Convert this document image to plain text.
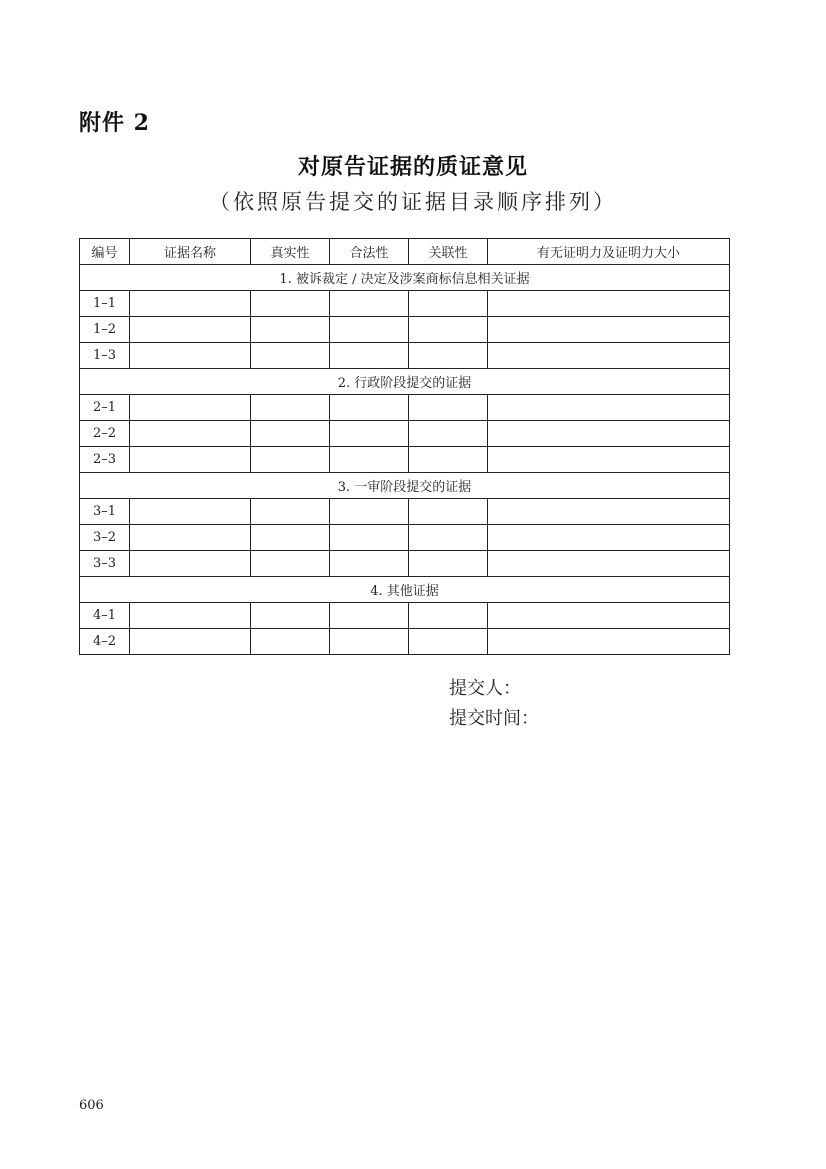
附件 2
对原告证据的质证意见
（依照原告提交的证据目录顺序排列）
编号	证据名称	真实性	合法性	关联性	有无证明力及证明力大小
1. 被诉裁定 / 决定及涉案商标信息相关证据					
1–1					
1–2					
1–3					
2. 行政阶段提交的证据					
2–1					
2–2					
2–3					
3. 一审阶段提交的证据					
3–1					
3–2					
3–3					
4. 其他证据					
4–1					
4–2					
提交人：
提交时间：
606
